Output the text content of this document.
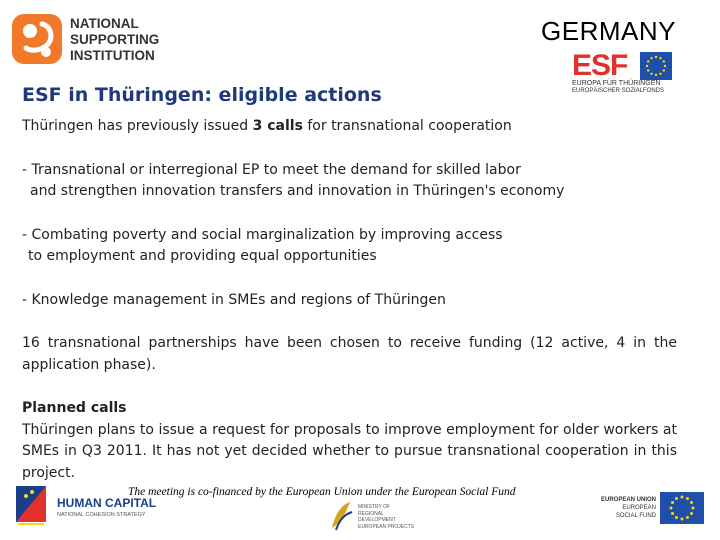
NATIONAL
SUPPORTING
INSTITUTION
GERMANY
ESF
EUROPA FÜR THÜRINGEN
EUROPÄISCHER SOZIALFONDS
ESF in Thüringen: eligible actions

Thüringen has previously issued 3 calls for transnational cooperation

- Transnational or interregional EP to meet the demand for skilled labor

and strengthen innovation transfers and innovation in Thüringen's economy

- Combating poverty and social marginalization by improving access

to employment and providing equal opportunities

- Knowledge management in SMEs and regions of Thüringen

16 transnational partnerships have been chosen to receive funding (12 active, 4 in the application phase).

Planned calls

Thüringen plans to issue a request for proposals to improve employment for older workers at SMEs in Q3 2011. It has not yet decided whether to pursue transnational cooperation in this project.

The meeting is co-financed by the European Union under the European Social Fund
HUMAN CAPITAL
NATIONAL COHESION STRATEGY
MINISTRY OF
REGIONAL DEVELOPMENT
EUROPEAN PROJECTS
EUROPEAN UNION
EUROPEAN
SOCIAL FUND
